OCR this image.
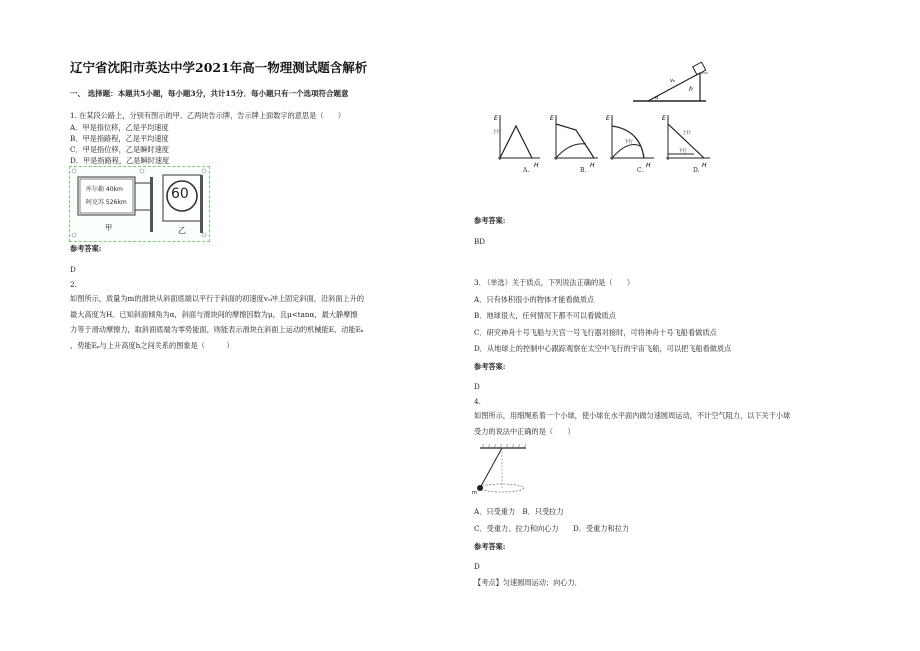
辽宁省沈阳市英达中学2021年高一物理测试题含解析
一、 选择题：本题共5小题，每小题3分，共计15分．每小题只有一个选项符合题意
1. 在某段公路上，分别有图示的甲、乙两块告示牌，告示牌上面数字的意思是（　　）
A．甲是指位移，乙是平均速度
B．甲是指路程，乙是平均速度
C．甲是指位移，乙是瞬时速度
D．甲是指路程，乙是瞬时速度
库尔勒 40km
阿克苏 526km
60
甲	乙
参考答案:
D
2.
如图所示，质量为m的滑块从斜面底端以平行于斜面的初速度v₀冲上固定斜面，沿斜面上升的
最大高度为H。已知斜面倾角为α，斜面与滑块间的摩擦因数为μ，且μ<tanα，最大静摩擦
力等于滑动摩擦力，取斜面底端为零势能面，则能表示滑块在斜面上运动的机械能E、动能Eₖ
、势能Eₚ与上升高度h之间关系的图象是（　　　）
h
v₀
α
E
H
上行
E
H
E
H
下行
E
H
上行
下行
A.	B.	C.	D.
参考答案:
BD
3. （单选）关于质点，下列说法正确的是（　　）
A．只有体积很小的物体才能看做质点
B．地球很大，任何情况下都不可以看做质点
C．研究神舟十号飞船与天宫一号飞行器对接时，可将神舟十号飞船看做质点
D．从地球上的控制中心跟踪观察在太空中飞行的宇宙飞船，可以把飞船看做质点
参考答案:
D
4.
如图所示，用细绳系着一个小球，使小球在水平面内做匀速圆周运动，不计空气阻力，以下关于小球
受力的说法中正确的是（　　）
m
A．只受重力　B．只受拉力
C．受重力、拉力和向心力　　D．受重力和拉力
参考答案:
D
【考点】匀速圆周运动；向心力．
